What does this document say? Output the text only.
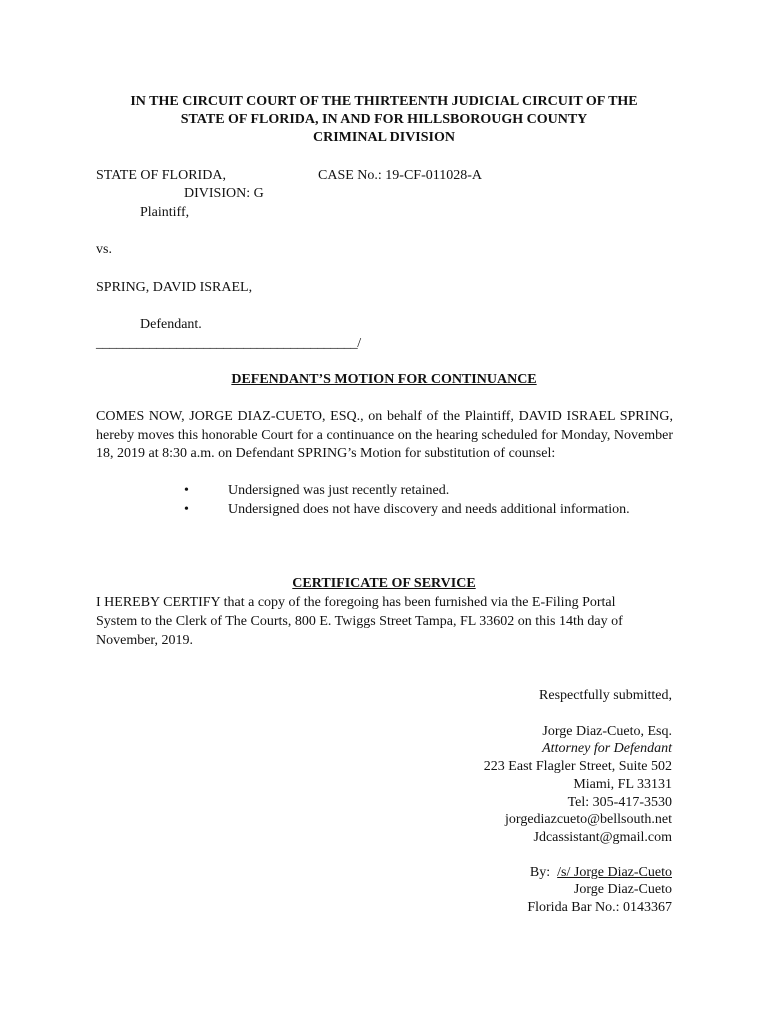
IN THE CIRCUIT COURT OF THE THIRTEENTH JUDICIAL CIRCUIT OF THE
STATE OF FLORIDA, IN AND FOR HILLSBOROUGH COUNTY
CRIMINAL DIVISION
STATE OF FLORIDA,	CASE No.: 19-CF-011028-A
DIVISION: G
Plaintiff,
vs.
SPRING, DAVID ISRAEL,
Defendant.
_______________________________________/
DEFENDANT’S MOTION FOR CONTINUANCE
COMES NOW, JORGE DIAZ-CUETO, ESQ., on behalf of the Plaintiff, DAVID ISRAEL SPRING, hereby moves this honorable Court for a continuance on the hearing scheduled for Monday, November 18, 2019 at 8:30 a.m. on Defendant SPRING’s Motion for substitution of counsel:
•	Undersigned was just recently retained.
•	Undersigned does not have discovery and needs additional information.
CERTIFICATE OF SERVICE
I HEREBY CERTIFY that a copy of the foregoing has been furnished via the E-Filing Portal
System to the Clerk of The Courts, 800 E. Twiggs Street Tampa, FL 33602 on this 14th day of
November, 2019.
Respectfully submitted,
Jorge Diaz-Cueto, Esq.
Attorney for Defendant
223 East Flagler Street, Suite 502
Miami, FL 33131
Tel: 305-417-3530
jorgediazcueto@bellsouth.net
Jdcassistant@gmail.com
By: /s/ Jorge Diaz-Cueto
Jorge Diaz-Cueto
Florida Bar No.: 0143367
